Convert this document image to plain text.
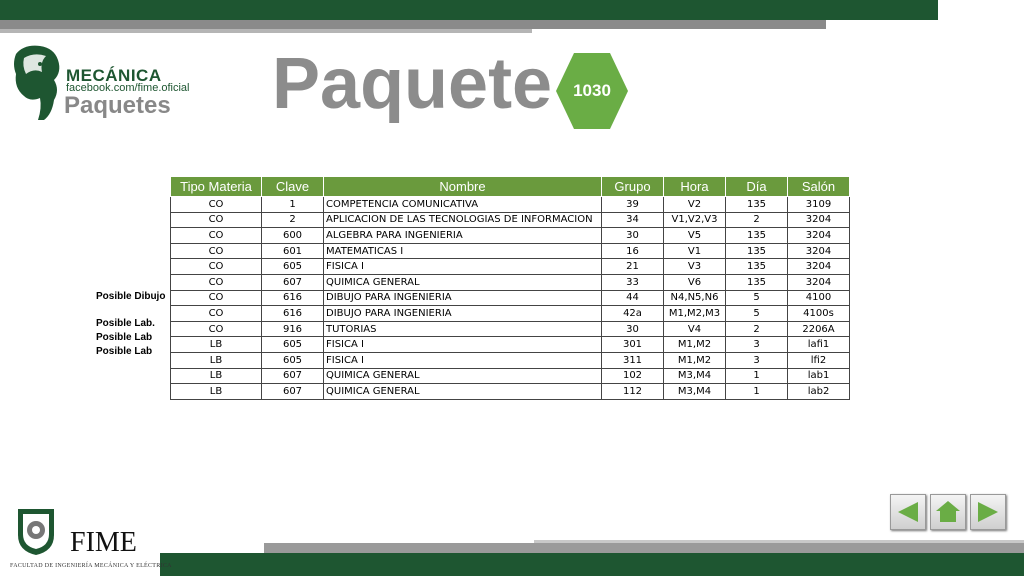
MECÁNICA
facebook.com/fime.oficial
Paquetes Paquete	1030
Posible Dibujo
Posible Lab.
Posible Lab
Posible Lab
Tipo Materia	Clave	Nombre	Grupo	Hora	Día	Salón
CO	1	COMPETENCIA COMUNICATIVA	39	V2	135	3109
CO	2	APLICACION DE LAS TECNOLOGIAS DE INFORMACION	34	V1,V2,V3	2	3204
CO	600	ALGEBRA PARA INGENIERIA	30	V5	135	3204
CO	601	MATEMATICAS I	16	V1	135	3204
CO	605	FISICA I	21	V3	135	3204
CO	607	QUIMICA GENERAL	33	V6	135	3204
CO	616	DIBUJO PARA INGENIERIA	44	N4,N5,N6	5	4100
CO	616	DIBUJO PARA INGENIERIA	42a	M1,M2,M3	5	4100s
CO	916	TUTORIAS	30	V4	2	2206A
LB	605	FISICA I	301	M1,M2	3	lafi1
LB	605	FISICA I	311	M1,M2	3	lfi2
LB	607	QUIMICA GENERAL	102	M3,M4	1	lab1
LB	607	QUIMICA GENERAL	112	M3,M4	1	lab2
FIME
FACULTAD DE INGENIERÍA MECÁNICA Y ELÉCTRICA
